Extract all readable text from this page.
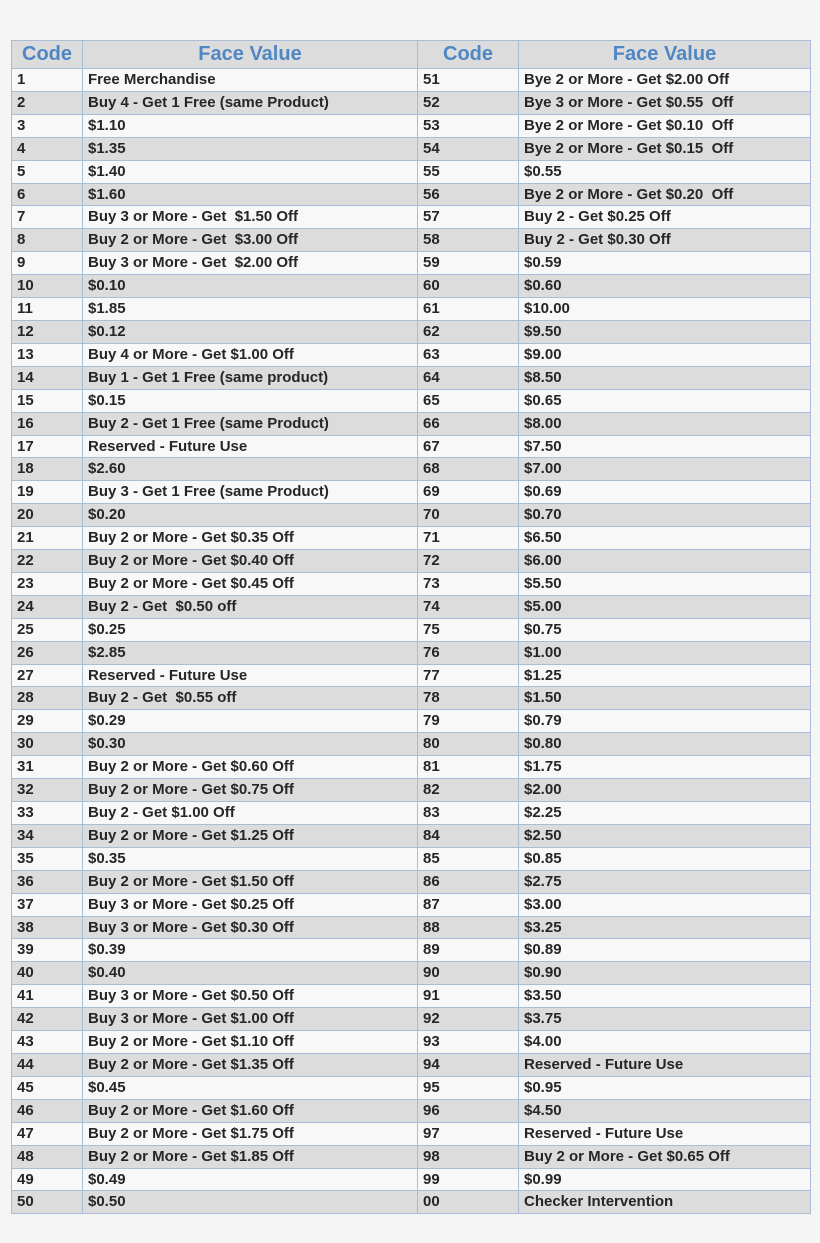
Code	Face Value	Code	Face Value
1	Free Merchandise	51	Bye 2 or More - Get $2.00 Off
2	Buy 4 - Get 1 Free (same Product)	52	Bye 3 or More - Get $0.55  Off
3	$1.10	53	Bye 2 or More - Get $0.10  Off
4	$1.35	54	Bye 2 or More - Get $0.15  Off
5	$1.40	55	$0.55
6	$1.60	56	Bye 2 or More - Get $0.20  Off
7	Buy 3 or More - Get  $1.50 Off	57	Buy 2 - Get $0.25 Off
8	Buy 2 or More - Get  $3.00 Off	58	Buy 2 - Get $0.30 Off
9	Buy 3 or More - Get  $2.00 Off	59	$0.59
10	$0.10	60	$0.60
11	$1.85	61	$10.00
12	$0.12	62	$9.50
13	Buy 4 or More - Get $1.00 Off	63	$9.00
14	Buy 1 - Get 1 Free (same product)	64	$8.50
15	$0.15	65	$0.65
16	Buy 2 - Get 1 Free (same Product)	66	$8.00
17	Reserved - Future Use	67	$7.50
18	$2.60	68	$7.00
19	Buy 3 - Get 1 Free (same Product)	69	$0.69
20	$0.20	70	$0.70
21	Buy 2 or More - Get $0.35 Off	71	$6.50
22	Buy 2 or More - Get $0.40 Off	72	$6.00
23	Buy 2 or More - Get $0.45 Off	73	$5.50
24	Buy 2 - Get  $0.50 off	74	$5.00
25	$0.25	75	$0.75
26	$2.85	76	$1.00
27	Reserved - Future Use	77	$1.25
28	Buy 2 - Get  $0.55 off	78	$1.50
29	$0.29	79	$0.79
30	$0.30	80	$0.80
31	Buy 2 or More - Get $0.60 Off	81	$1.75
32	Buy 2 or More - Get $0.75 Off	82	$2.00
33	Buy 2 - Get $1.00 Off	83	$2.25
34	Buy 2 or More - Get $1.25 Off	84	$2.50
35	$0.35	85	$0.85
36	Buy 2 or More - Get $1.50 Off	86	$2.75
37	Buy 3 or More - Get $0.25 Off	87	$3.00
38	Buy 3 or More - Get $0.30 Off	88	$3.25
39	$0.39	89	$0.89
40	$0.40	90	$0.90
41	Buy 3 or More - Get $0.50 Off	91	$3.50
42	Buy 3 or More - Get $1.00 Off	92	$3.75
43	Buy 2 or More - Get $1.10 Off	93	$4.00
44	Buy 2 or More - Get $1.35 Off	94	Reserved - Future Use
45	$0.45	95	$0.95
46	Buy 2 or More - Get $1.60 Off	96	$4.50
47	Buy 2 or More - Get $1.75 Off	97	Reserved - Future Use
48	Buy 2 or More - Get $1.85 Off	98	Buy 2 or More - Get $0.65 Off
49	$0.49	99	$0.99
50	$0.50	00	Checker Intervention
